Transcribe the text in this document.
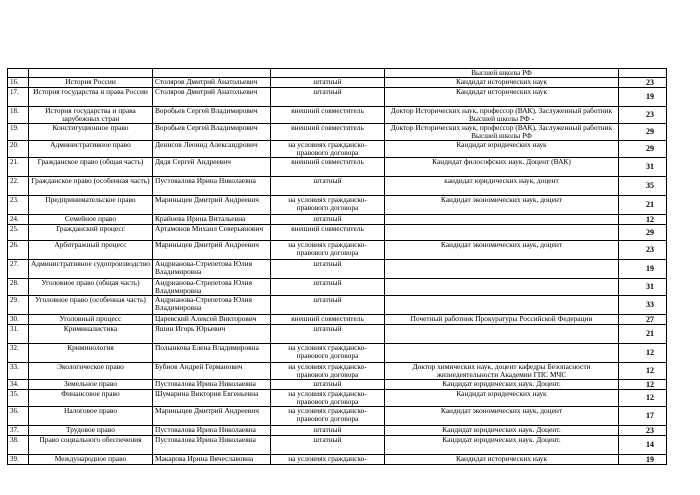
				Высшей школы РФ	
16.	История России	Столяров Дмитрий Анатольевич	штатный	Кандидат исторических наук	23
17.	История государства и права России	Столяров Дмитрий Анатольевич	штатный	Кандидат исторических наук	19
18.	История государства и права зарубежных стран	Воробьев Сергей Владимирович	внешний совместитель	Доктор Исторических наук, профессор (ВАК), Заслуженный работник Высшей школы РФ -	23
19.	Конституционное право	Воробьев Сергей Владимирович	внешний совместитель	Доктор Исторических наук, профессор (ВАК), Заслуженный работник Высшей школы РФ	29
20.	Административное право	Денисов Леонид Александрович	на условиях гражданско-правового договора	Кандидат юридических наук	29
21.	Гражданское право (общая часть)	Дядя Сергей Андреевич	внешний совместитель	Кандидат философских наук. Доцент (ВАК)	31
22.	Гражданское право (особенная часть)	Пустовалова Ирина Николаевна	штатный	кандидат юридических наук, доцент	35
23.	Предпринимательское право	Мариныцев Дмитрий Андреевич	на условиях гражданско-правового договора	Кандидат экономических наук, доцент	21
24.	Семейное право	Крайнева Ирина Витальевна	штатный		12
25.	Гражданский процесс	Артамонов Михаил Северьянович	внешний совместитель		29
26.	Арбитражный процесс	Мариныцев Дмитрий Андреевич	на условиях гражданско-правового договора	Кандидат экономических наук, доцент	23
27.	Административное судопроизводство	Андрианова-Стрепетова Юлия Владимировна	штатный		19
28.	Уголовное право (общая часть)	Андрианова-Стрепетова Юлия Владимировна	штатный		31
29.	Уголовное право (особенная часть)	Андрианова-Стрепетова Юлия Владимировна	штатный		33
30.	Уголовный процесс	Царевский Алексей Викторович	внешний совместитель	Почетный работник Прокуратуры Российской Федерации	27
31.	Криминалистика	Яшин Игорь Юрьевич	штатный		21
32.	Криминология	Полынкова Елена Владимировна	на условиях гражданско-правового договора		12
33.	Экологическое право	Бубнов Андрей Германович	на условиях гражданско-правового договора	Доктор химических наук, доцент кафедры Безопасности жизнедеятельности Академии ГПС МЧС	12
34.	Земельное право	Пустовалова Ирина Николаевна	штатный	Кандидат юридических наук. Доцент.	12
35.	Финансовое право	Шумарина Виктория Евгеньевна	на условиях гражданско-правового договора	Кандидат юридических наук	12
36.	Налоговое право	Мариныцев Дмитрий Андреевич	на условиях гражданско-правового договора	Кандидат экономических наук, доцент	17
37.	Трудовое право	Пустовалова Ирина Николаевна	штатный	Кандидат юридических наук. Доцент.	23
38.	Право социального обеспечения	Пустовалова Ирина Николаевна	штатный	Кандидат юридических наук. Доцент.	14
39.	Международное право	Макарова Ирина Вячеславовна	на условиях гражданско-	Кандидат исторических наук	19
